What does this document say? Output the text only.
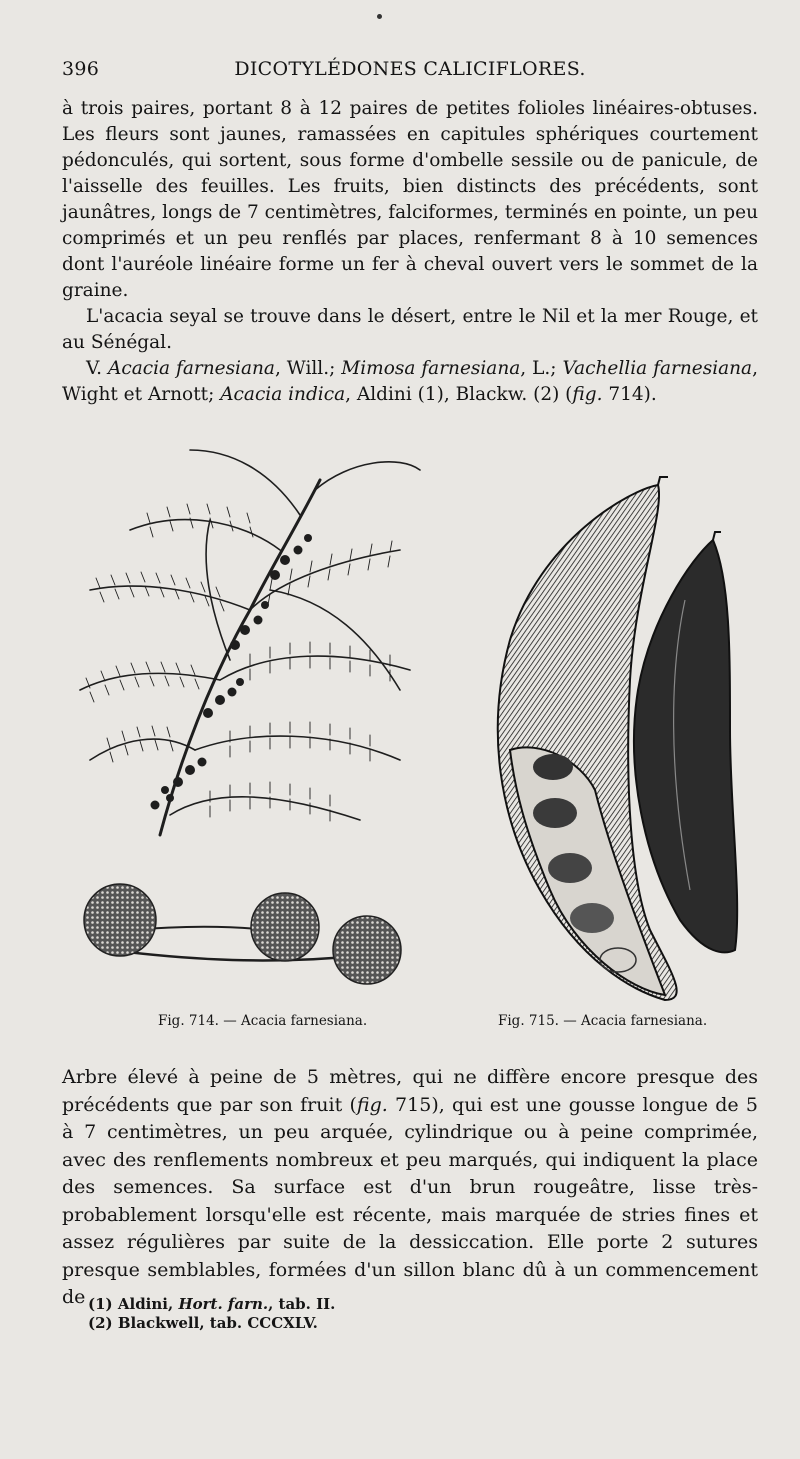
396	DICOTYLÉDONES CALICIFLORES.

à trois paires, portant 8 à 12 paires de petites folioles linéaires-obtuses. Les fleurs sont jaunes, ramassées en capitules sphériques courtement pédonculés, qui sortent, sous forme d'ombelle sessile ou de panicule, de l'aisselle des feuilles. Les fruits, bien distincts des précédents, sont jaunâtres, longs de 7 centimètres, falciformes, terminés en pointe, un peu comprimés et un peu renflés par places, renfermant 8 à 10 semences dont l'auréole linéaire forme un fer à cheval ouvert vers le sommet de la graine.

L'acacia seyal se trouve dans le désert, entre le Nil et la mer Rouge, et au Sénégal.

V. Acacia farnesiana, Will.; Mimosa farnesiana, L.; Vachellia farnesiana, Wight et Arnott; Acacia indica, Aldini (1), Blackw. (2) (fig. 714).

Fig. 714. — Acacia farnesiana.	Fig. 715. — Acacia farnesiana.

Arbre élevé à peine de 5 mètres, qui ne diffère encore presque des précédents que par son fruit (fig. 715), qui est une gousse longue de 5 à 7 centimètres, un peu arquée, cylindrique ou à peine comprimée, avec des renflements nombreux et peu marqués, qui indiquent la place des semences. Sa surface est d'un brun rougeâtre, lisse très-probablement lorsqu'elle est récente, mais marquée de stries fines et assez régulières par suite de la dessiccation. Elle porte 2 sutures presque semblables, formées d'un sillon blanc dû à un commencement de (1) Aldini, Hort. farn., tab. II.
(2) Blackwell, tab. CCCXLV.
